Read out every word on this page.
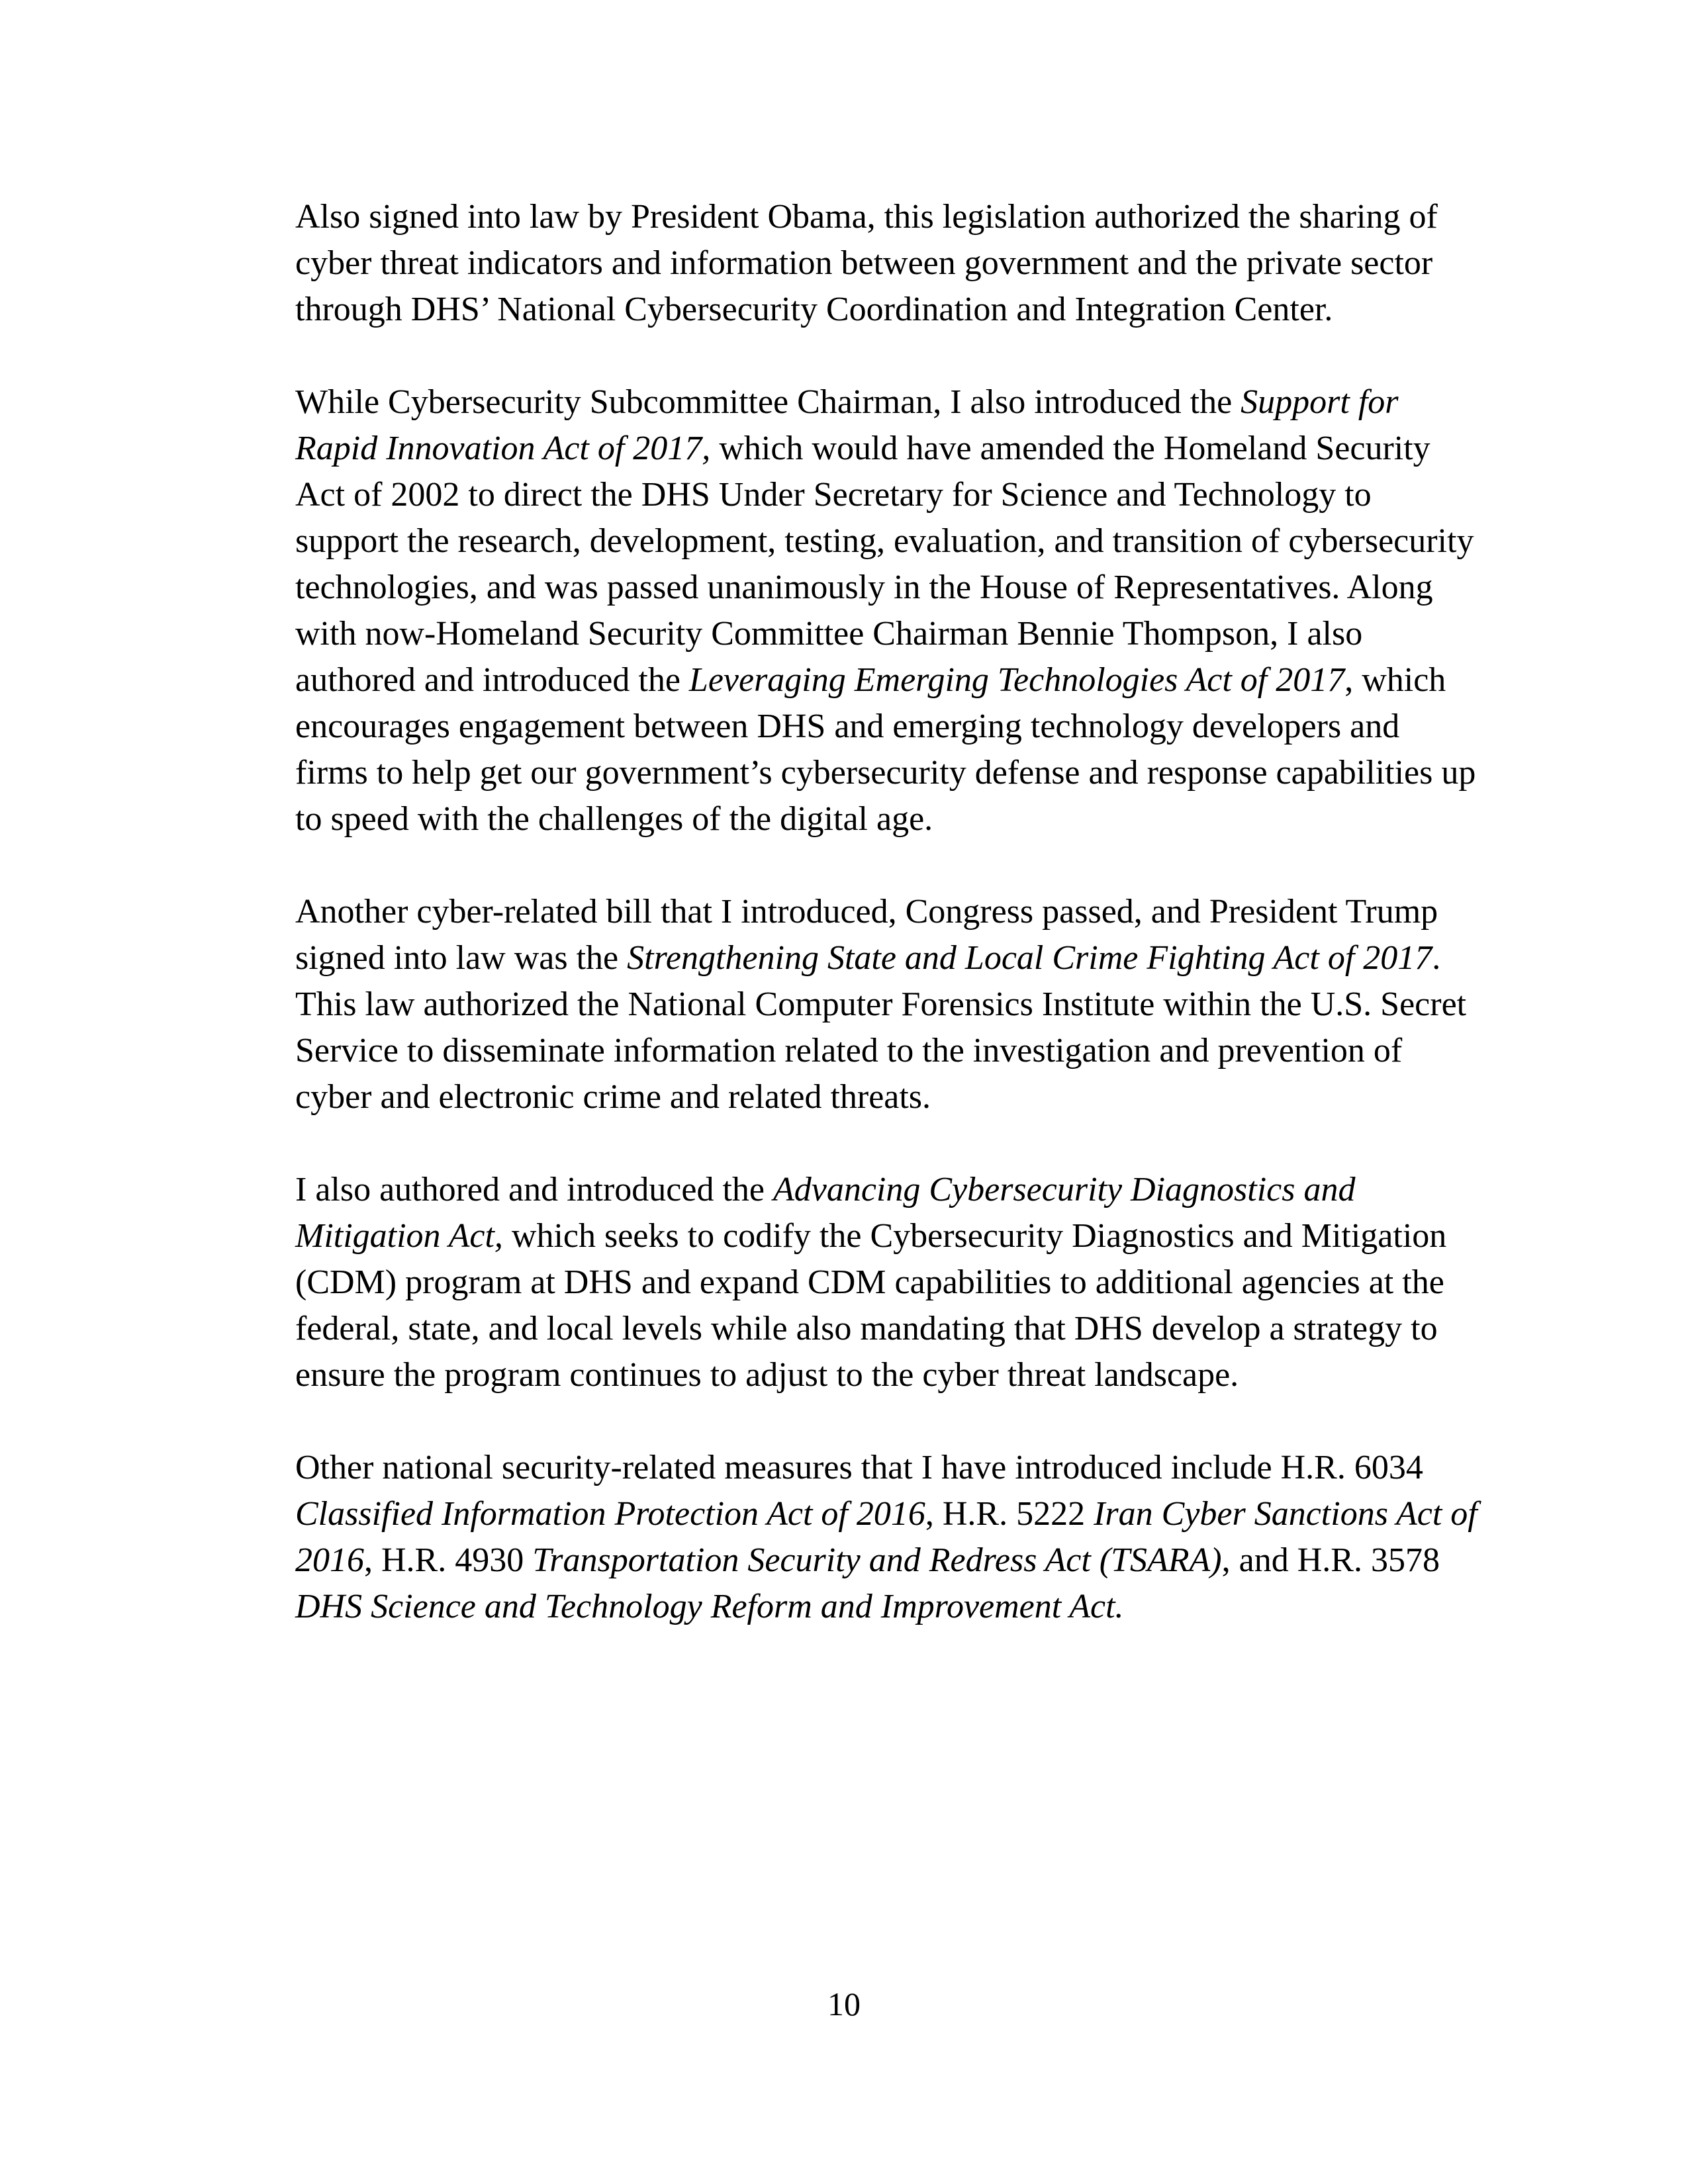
Also signed into law by President Obama, this legislation authorized the sharing of cyber threat indicators and information between government and the private sector through DHS’ National Cybersecurity Coordination and Integration Center.

While Cybersecurity Subcommittee Chairman, I also introduced the Support for Rapid Innovation Act of 2017, which would have amended the Homeland Security Act of 2002 to direct the DHS Under Secretary for Science and Technology to support the research, development, testing, evaluation, and transition of cybersecurity technologies, and was passed unanimously in the House of Representatives. Along with now-Homeland Security Committee Chairman Bennie Thompson, I also authored and introduced the Leveraging Emerging Technologies Act of 2017, which encourages engagement between DHS and emerging technology developers and firms to help get our government’s cybersecurity defense and response capabilities up to speed with the challenges of the digital age.

Another cyber-related bill that I introduced, Congress passed, and President Trump signed into law was the Strengthening State and Local Crime Fighting Act of 2017. This law authorized the National Computer Forensics Institute within the U.S. Secret Service to disseminate information related to the investigation and prevention of cyber and electronic crime and related threats.

I also authored and introduced the Advancing Cybersecurity Diagnostics and Mitigation Act, which seeks to codify the Cybersecurity Diagnostics and Mitigation (CDM) program at DHS and expand CDM capabilities to additional agencies at the federal, state, and local levels while also mandating that DHS develop a strategy to ensure the program continues to adjust to the cyber threat landscape.

Other national security-related measures that I have introduced include H.R. 6034 Classified Information Protection Act of 2016, H.R. 5222 Iran Cyber Sanctions Act of 2016, H.R. 4930 Transportation Security and Redress Act (TSARA), and H.R. 3578 DHS Science and Technology Reform and Improvement Act.

10
